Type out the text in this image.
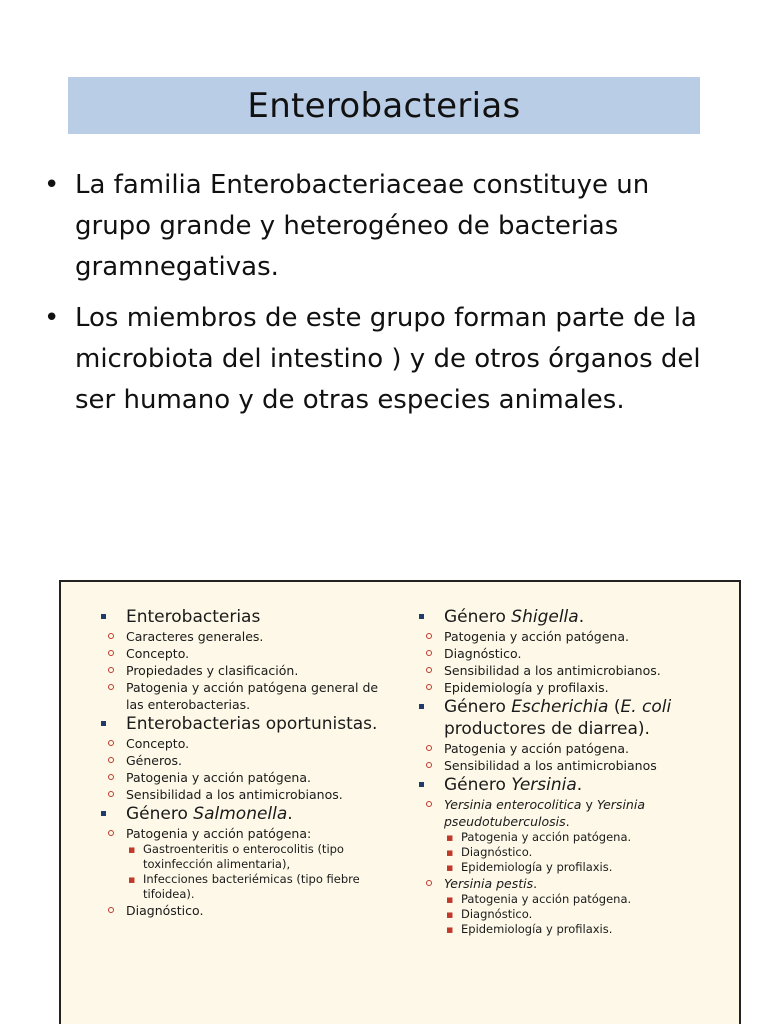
Enterobacterias
• La familia Enterobacteriaceae constituye un grupo grande y heterogéneo de bacterias gramnegativas.
• Los miembros de este grupo forman parte de la microbiota del intestino ) y de otros órganos del ser humano y de otras especies animales.
Enterobacterias
Caracteres generales.
Concepto.
Propiedades y clasificación.
Patogenia y acción patógena general de las enterobacterias.
Enterobacterias oportunistas.
Concepto.
Géneros.
Patogenia y acción patógena.
Sensibilidad a los antimicrobianos.
Género Salmonella.
Patogenia y acción patógena:
▪ Gastroenteritis o enterocolitis (tipo toxinfección alimentaria),
▪ Infecciones bacteriémicas (tipo fiebre tifoidea).
Diagnóstico.
Género Shigella.
Patogenia y acción patógena.
Diagnóstico.
Sensibilidad a los antimicrobianos.
Epidemiología y profilaxis.
Género Escherichia (E. coli productores de diarrea).
Patogenia y acción patógena.
Sensibilidad a los antimicrobianos
Género Yersinia.
Yersinia enterocolitica y Yersinia pseudotuberculosis.
▪ Patogenia y acción patógena.
▪ Diagnóstico.
▪ Epidemiología y profilaxis.
Yersinia pestis.
▪ Patogenia y acción patógena.
▪ Diagnóstico.
▪ Epidemiología y profilaxis.
